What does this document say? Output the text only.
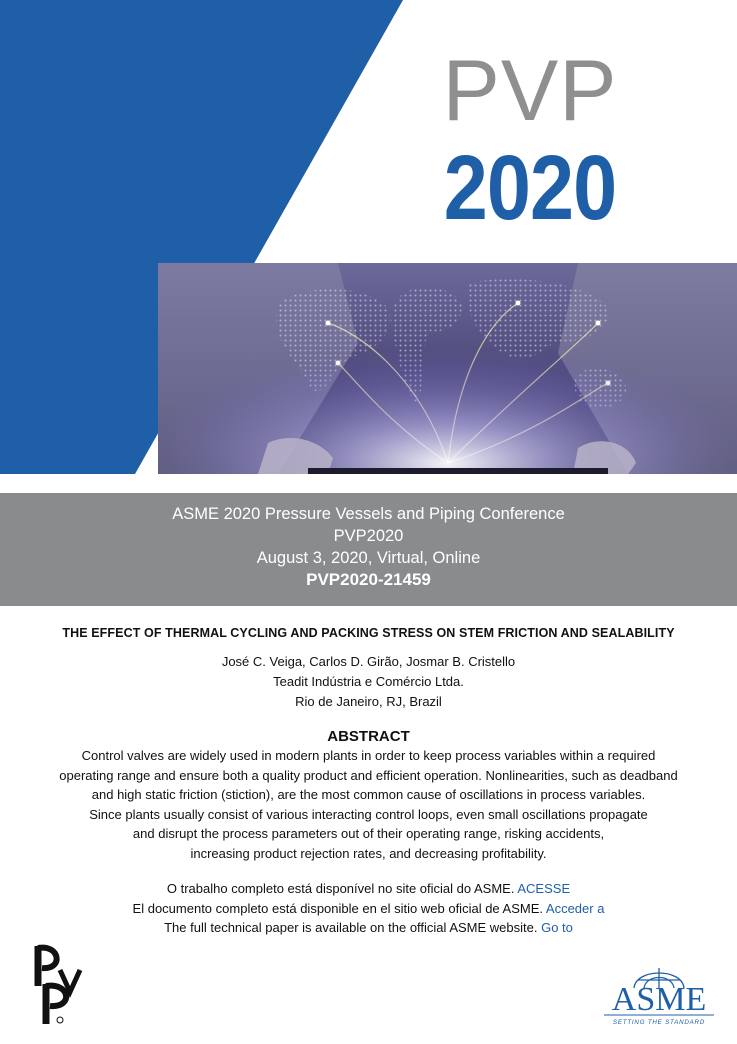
PVP
2020
ASME 2020 Pressure Vessels and Piping Conference
PVP2020
August 3, 2020, Virtual, Online
PVP2020-21459
THE EFFECT OF THERMAL CYCLING AND PACKING STRESS ON STEM FRICTION AND SEALABILITY
José C. Veiga, Carlos D. Girão, Josmar B. Cristello
Teadit Indústria e Comércio Ltda.
Rio de Janeiro, RJ, Brazil
ABSTRACT
Control valves are widely used in modern plants in order to keep process variables within a required
operating range and ensure both a quality product and efficient operation. Nonlinearities, such as deadband
and high static friction (stiction), are the most common cause of oscillations in process variables.
Since plants usually consist of various interacting control loops, even small oscillations propagate
and disrupt the process parameters out of their operating range, risking accidents,
increasing product rejection rates, and decreasing profitability.
O trabalho completo está disponível no site oficial do ASME. ACESSE
El documento completo está disponible en el sitio web oficial de ASME. Acceder a
The full technical paper is available on the official ASME website. Go to
ASME
SETTING THE STANDARD
